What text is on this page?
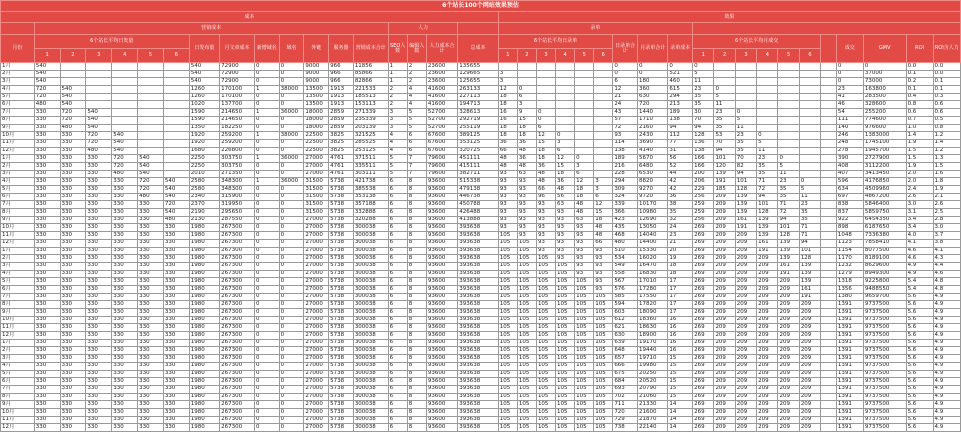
6个站长100个网站效果预估																																					
成本																		效果																			
	营销成本													人力				录单																			
月份	6个站长平均日发量						日发布量	月文章成本	新增域名	域名	外链	服务器	营销成本合计	SEO人数	编辑人数	人力成本合计	总成本	6个站长平均日录单						日录单合计	月录单合计	录单成本	6个站长平均月成交							成交	GMV	ROI	ROI含人力
	1	2	3	4	5	6												1	2	3	4	5	6				1	2	3	4	5	6					
1月	540						540	72900	0	0	9000	966	11856	1	2	23600	135655							0	0	0	0							0	0	0.0	0.0
2月	540						540	72900	0	0	9000	966	85866	1	2	23600	129665	3						0	0	521	5							0	37000	0.1	0.0
3月	540						540	72900	0	0	9000	966	82866	1	2	23600	125655	3						6	180	460	11							0	73000	0.2	0.1
4月	720	540					1260	170100	1	38000	13500	1913	221533	2	4	41600	263133	12	0					12	360	615	23	0						23	163800	0.1	0.1
5月	720	540					1260	170100	0	0	13500	1913	185513	2	4	41600	227113	18	6					21	630	294	35	5						41	283500	0.4	0.3
6月	480	540					1020	137700	0	0	13500	1913	153113	2	4	41600	194713	18	3					24	720	213	35	11						46	328600	0.8	0.6
7月	330	720	540				1590	214650	1	36000	18000	2859	271339	3	5	52700	328613	16	9	0				43	1440	189	30	23	0					54	255200	0.6	0.6
8月	330	720	540				1590	214650	0	0	18000	2859	235339	3	5	52700	292719	16	15	0				57	1710	138	70	35	5					111	774600	0.7	0.5
9月	330	480	540				1350	182250	0	0	18000	2859	203139	3	5	52700	255119	18	18	6				72	2160	94	94	35	11					140	976600	1.0	0.8
10月	330	330	720	540			1920	259200	1	38000	22500	3825	321525	4	6	67600	389125	18	18	12	0			93	2430	112	128	53	23	0				246	1383000	1.4	1.2
11月	330	330	720	540			1920	259200	0	0	22500	3825	285525	4	6	67600	353125	36	36	15	3			114	3690	77	136	70	35	5				248	1745100	1.9	1.4
12月	330	330	480	540			1680	226800	0	0	22500	3825	253125	4	6	67600	320725	66	48	18	6			138	4140	31	138	94	35	11				278	1945700	1.5	1.2
1月	330	330	330	720	540		2250	303750	1	36000	27000	4761	371511	5	7	79600	451111	48	36	18	12	0		189	5670	56	166	101	70	23	0			390	2727900	1.5	1.3
2月	330	330	330	720	540		2250	303750	0	0	27000	4761	335511	5	7	79600	415111	48	48	36	15	3		216	6480	52	166	120	82	35	5			408	3112200	1.9	1.5
3月	330	330	330	480	540		2010	271350	0	0	27000	4761	303111	5	7	79600	382711	93	63	48	18	6		228	6530	44	200	139	94	35	11			407	3413450	2.0	1.6
4月	330	330	330	330	720	540	2580	348300	1	36000	31500	5738	421738	6	8	93600	515338	93	93	48	36	12	3	294	8820	42	206	191	101	71	23	0		596	4176850	2.0	1.8
5月	330	330	330	330	720	540	2580	348300	0	0	31500	5738	385538	6	8	93600	479138	93	93	66	48	18	3	309	9270	42	229	185	128	72	35	5		634	4509960	2.4	1.9
6月	330	330	330	330	480	540	2340	315900	0	0	31500	5738	353138	6	8	93600	446738	93	93	96	56	18	6	324	9720	36	256	209	139	94	35	11		697	4867200	2.6	2.1
7月	330	330	330	330	330	720	2370	319950	0	0	31500	5738	357188	6	8	93600	450788	93	93	93	63	48	12	339	10170	38	259	209	139	101	71	23		838	5846400	3.0	2.6
8月	330	330	330	330	330	540	2190	295650	0	0	31500	5738	332888	6	8	93600	426488	93	93	93	93	48	15	366	10980	35	259	209	139	128	72	35		837	5859750	3.1	2.5
9月	330	330	330	330	330	480	2130	287550	0	0	27000	5738	320288	6	8	93600	413888	93	93	93	93	63	18	423	12690	32	256	209	161	139	94	35		922	6454350	3.4	2.8
10月	330	330	330	330	330	330	1980	267300	0	0	27000	5738	300038	6	8	93600	393638	93	93	93	93	93	48	435	13050	24	269	209	191	139	101	71		898	6187650	3.4	3.0
11月	330	330	330	330	330	330	1980	267300	0	0	27000	5738	300038	6	8	93600	393638	105	93	93	93	93	48	468	14040	23	269	209	209	139	128	71		1048	7336380	4.0	3.7
12月	330	330	330	330	330	330	1980	267300	0	0	27000	5738	300038	6	8	93600	393638	105	105	93	93	93	66	480	14400	21	269	209	209	161	139	94		1123	7858410	4.1	3.8
1月	330	330	330	330	330	330	1980	267300	0	0	27000	5738	300038	6	8	93600	393638	105	105	93	93	93	93	510	15330	20	269	209	209	191	139	101		1154	8077500	4.6	4.1
2月	330	330	330	330	330	330	1980	267300	0	0	27000	5738	300038	6	8	93600	393638	105	105	105	93	93	93	534	16020	19	269	209	209	209	139	128		1170	8189100	4.6	4.3
3月	330	330	330	330	330	330	1980	267300	0	0	27000	5738	300038	6	8	93600	393638	105	105	105	105	93	93	549	16470	18	269	209	209	209	161	139		1232	8629600	4.9	4.4
4月	330	330	330	330	330	330	1980	267300	0	0	27000	5738	300038	6	8	93600	393638	105	105	105	105	93	93	558	16830	18	269	209	209	209	191	139		1279	8949300	4.9	4.6
5月	330	330	330	330	330	330	1980	267300	0	0	27000	5738	300038	6	8	93600	393638	105	105	105	105	105	93	567	17010	17	269	209	209	209	209	139		1318	9225800	5.4	4.8
6月	330	330	330	330	330	330	1980	267300	0	0	27000	5738	300038	6	8	93600	393638	105	105	105	105	105	93	576	17280	17	269	209	209	209	209	161		1356	9488550	5.4	4.8
7月	330	330	330	330	330	330	1980	267300	0	0	27000	5738	300038	6	8	93600	393638	105	105	105	105	105	105	585	17550	17	269	209	209	209	209	191		1380	9659700	5.6	4.9
8月	330	330	330	330	330	330	1980	267300	0	0	27000	5738	300038	6	8	93600	393638	105	105	105	105	105	105	594	17820	17	269	209	209	209	209	209		1391	9737500	5.6	4.9
9月	330	330	330	330	330	330	1980	267300	0	0	27000	5738	300038	6	8	93600	393638	105	105	105	105	105	105	603	18090	17	269	209	209	209	209	209		1391	9737500	5.6	4.9
10月	330	330	330	330	330	330	1980	267300	0	0	27000	5738	300038	6	8	93600	393638	105	105	105	105	105	105	612	18360	16	269	209	209	209	209	209		1391	9737500	5.6	4.9
11月	330	330	330	330	330	330	1980	267300	0	0	27000	5738	300038	6	8	93600	393638	105	105	105	105	105	105	621	18630	16	269	209	209	209	209	209		1391	9737500	5.6	4.9
12月	330	330	330	330	330	330	1980	267300	0	0	27000	5738	300038	6	8	93600	393638	105	105	105	105	105	105	630	18900	16	269	209	209	209	209	209		1391	9737500	5.6	4.9
1月	330	330	330	330	330	330	1980	267300	0	0	27000	5738	300038	6	8	93600	393638	105	105	105	105	105	105	639	19170	16	269	209	209	209	209	209		1391	9737500	5.6	4.9
2月	330	330	330	330	330	330	1980	267300	0	0	27000	5738	300038	6	8	93600	393638	105	105	105	105	105	105	648	19440	16	269	209	209	209	209	209		1391	9737500	5.6	4.9
3月	330	330	330	330	330	330	1980	267300	0	0	27000	5738	300038	6	8	93600	393638	105	105	105	105	105	105	657	19710	15	269	209	209	209	209	209		1391	9737500	5.6	4.9
4月	330	330	330	330	330	330	1980	267300	0	0	27000	5738	300038	6	8	93600	393638	105	105	105	105	105	105	666	19980	15	269	209	209	209	209	209		1391	9737500	5.6	4.9
5月	330	330	330	330	330	330	1980	267300	0	0	27000	5738	300038	6	8	93600	393638	105	105	105	105	105	105	675	20250	15	269	209	209	209	209	209		1391	9737500	5.6	4.9
6月	330	330	330	330	330	330	1980	267300	0	0	27000	5738	300038	6	8	93600	393638	105	105	105	105	105	105	684	20520	15	269	209	209	209	209	209		1391	9737500	5.6	4.9
7月	330	330	330	330	330	330	1980	267300	0	0	27000	5738	300038	6	8	93600	393638	105	105	105	105	105	105	693	20790	15	269	209	209	209	209	209		1391	9737500	5.6	4.9
8月	330	330	330	330	330	330	1980	267300	0	0	27000	5738	300038	6	8	93600	393638	105	105	105	105	105	105	702	21060	15	269	209	209	209	209	209		1391	9737500	5.6	4.9
9月	330	330	330	330	330	330	1980	267300	0	0	27000	5738	300038	6	8	93600	393638	105	105	105	105	105	105	711	21330	14	269	209	209	209	209	209		1391	9737500	5.6	4.9
10月	330	330	330	330	330	330	1980	267300	0	0	27000	5738	300038	6	8	93600	393638	105	105	105	105	105	105	720	21600	14	269	209	209	209	209	209		1391	9737500	5.6	4.9
11月	330	330	330	330	330	330	1980	267300	0	0	27000	5738	300038	6	8	93600	393638	105	105	105	105	105	105	729	21870	14	269	209	209	209	209	209		1391	9737500	5.6	4.9
12月	330	330	330	330	330	330	1980	267300	0	0	27000	5738	300038	6	8	93600	393638	105	105	105	105	105	105	738	22140	14	269	209	209	209	209	209		1391	9737500	5.6	4.9
